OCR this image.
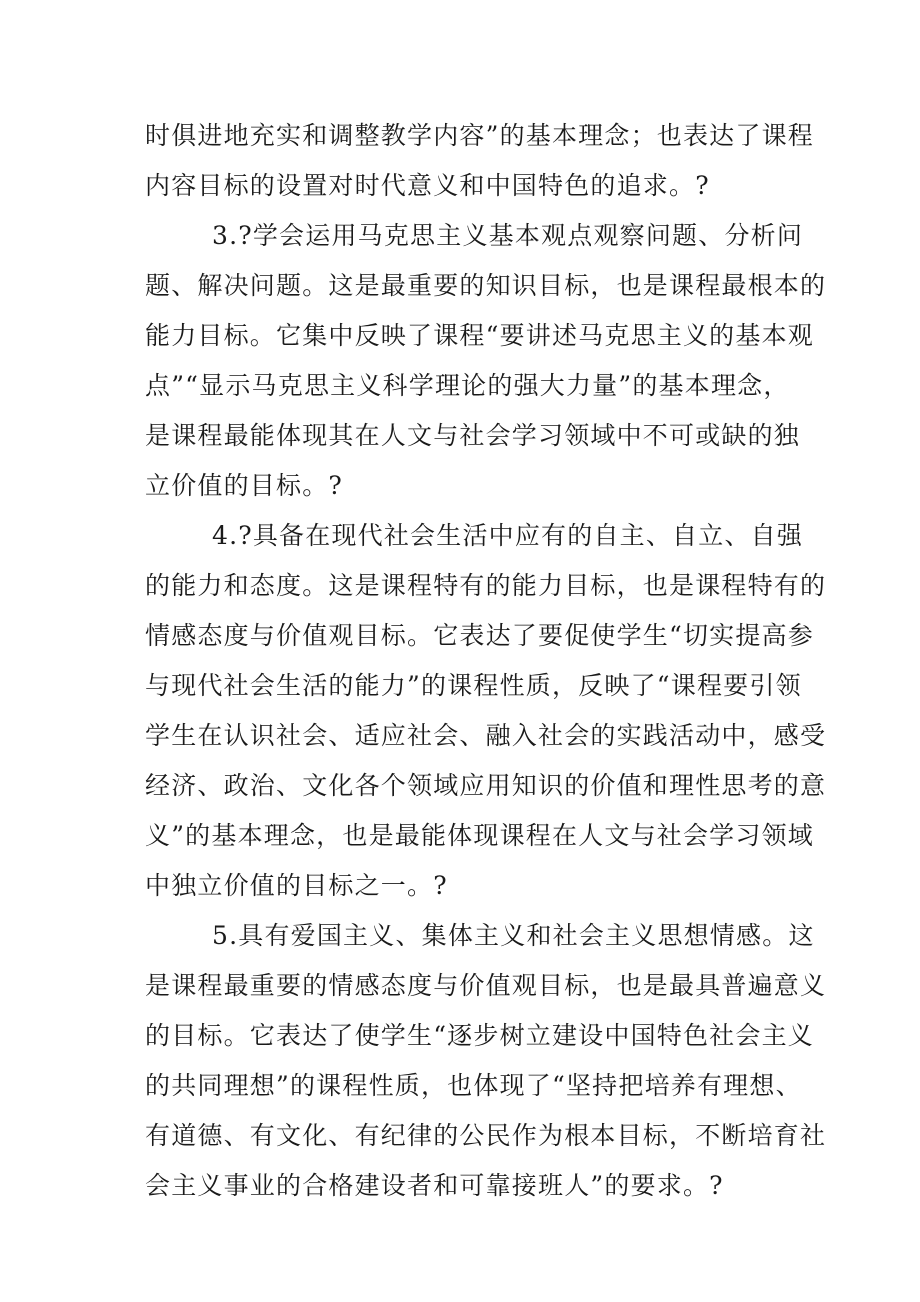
时俱进地充实和调整教学内容”的基本理念；也表达了课程
内容目标的设置对时代意义和中国特色的追求。?
3.?学会运用马克思主义基本观点观察问题、分析问
题、解决问题。这是最重要的知识目标，也是课程最根本的
能力目标。它集中反映了课程“要讲述马克思主义的基本观
点”“显示马克思主义科学理论的强大力量”的基本理念，
是课程最能体现其在人文与社会学习领域中不可或缺的独
立价值的目标。?
4.?具备在现代社会生活中应有的自主、自立、自强
的能力和态度。这是课程特有的能力目标，也是课程特有的
情感态度与价值观目标。它表达了要促使学生“切实提高参
与现代社会生活的能力”的课程性质，反映了“课程要引领
学生在认识社会、适应社会、融入社会的实践活动中，感受
经济、政治、文化各个领域应用知识的价值和理性思考的意
义”的基本理念，也是最能体现课程在人文与社会学习领域
中独立价值的目标之一。?
5.具有爱国主义、集体主义和社会主义思想情感。这
是课程最重要的情感态度与价值观目标，也是最具普遍意义
的目标。它表达了使学生“逐步树立建设中国特色社会主义
的共同理想”的课程性质，也体现了“坚持把培养有理想、
有道德、有文化、有纪律的公民作为根本目标，不断培育社
会主义事业的合格建设者和可靠接班人”的要求。?
